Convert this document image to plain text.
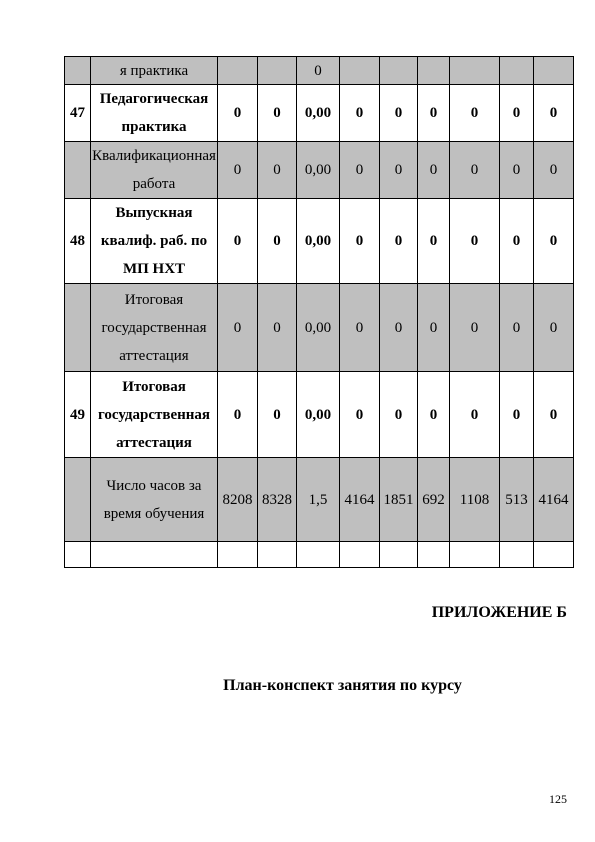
	я практика			0						
47	Педагогическая практика	0	0	0,00	0	0	0	0	0	0
	Квалификационная работа	0	0	0,00	0	0	0	0	0	0
48	Выпускная квалиф. раб. по МП НХТ	0	0	0,00	0	0	0	0	0	0
	Итоговая государственная аттестация	0	0	0,00	0	0	0	0	0	0
49	Итоговая государственная аттестация	0	0	0,00	0	0	0	0	0	0
	Число часов за время обучения	8208	8328	1,5	4164	1851	692	1108	513	4164

ПРИЛОЖЕНИЕ Б
План-конспект занятия по курсу
125
